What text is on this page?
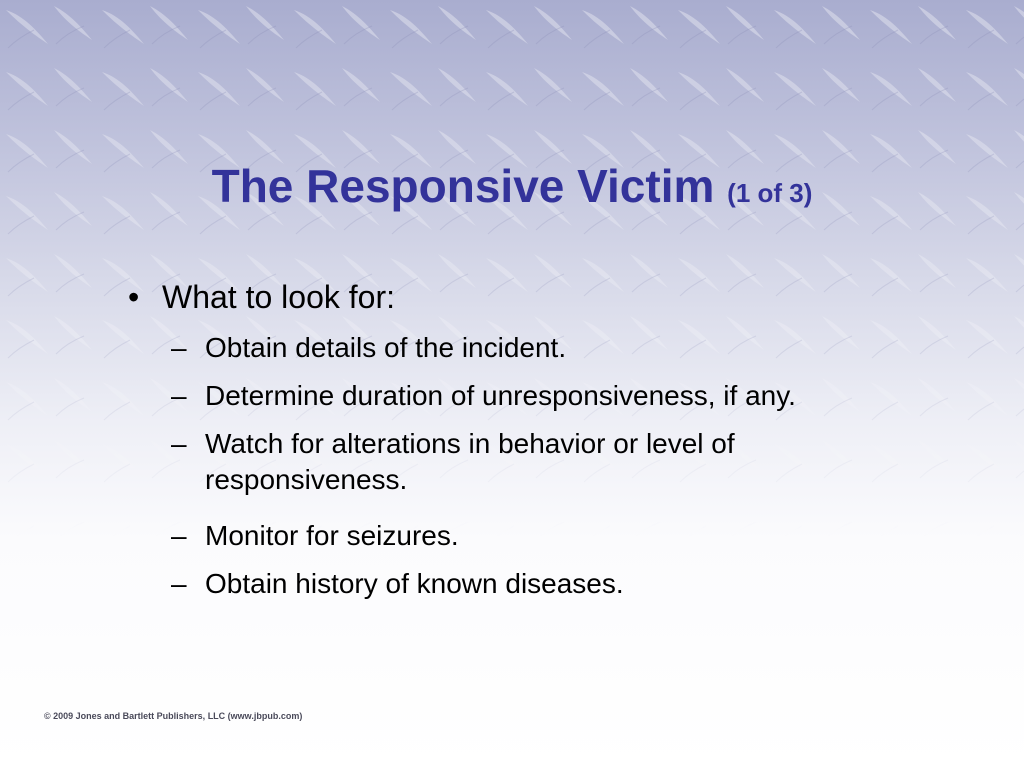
The Responsive Victim (1 of 3)
• What to look for:
– Obtain details of the incident.
– Determine duration of unresponsiveness, if any.
– Watch for alterations in behavior or level of responsiveness.
– Monitor for seizures.
– Obtain history of known diseases.
© 2009 Jones and Bartlett Publishers, LLC (www.jbpub.com)
